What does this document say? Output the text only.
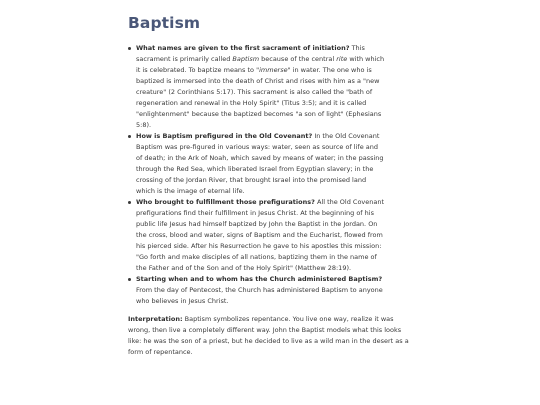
Baptism
What names are given to the first sacrament of initiation? This sacrament is primarily called Baptism because of the central rite with which it is celebrated. To baptize means to "immerse" in water. The one who is baptized is immersed into the death of Christ and rises with him as a "new creature" (2 Corinthians 5:17). This sacrament is also called the "bath of regeneration and renewal in the Holy Spirit" (Titus 3:5); and it is called "enlightenment" because the baptized becomes "a son of light" (Ephesians 5:8).
How is Baptism prefigured in the Old Covenant? In the Old Covenant Baptism was pre-figured in various ways: water, seen as source of life and of death; in the Ark of Noah, which saved by means of water; in the passing through the Red Sea, which liberated Israel from Egyptian slavery; in the crossing of the Jordan River, that brought Israel into the promised land which is the image of eternal life.
Who brought to fulfillment those prefigurations? All the Old Covenant prefigurations find their fulfillment in Jesus Christ. At the beginning of his public life Jesus had himself baptized by John the Baptist in the Jordan. On the cross, blood and water, signs of Baptism and the Eucharist, flowed from his pierced side. After his Resurrection he gave to his apostles this mission: "Go forth and make disciples of all nations, baptizing them in the name of the Father and of the Son and of the Holy Spirit" (Matthew 28:19).
Starting when and to whom has the Church administered Baptism? From the day of Pentecost, the Church has administered Baptism to anyone who believes in Jesus Christ.

Interpretation: Baptism symbolizes repentance. You live one way, realize it was wrong, then live a completely different way. John the Baptist models what this looks like: he was the son of a priest, but he decided to live as a wild man in the desert as a form of repentance.
